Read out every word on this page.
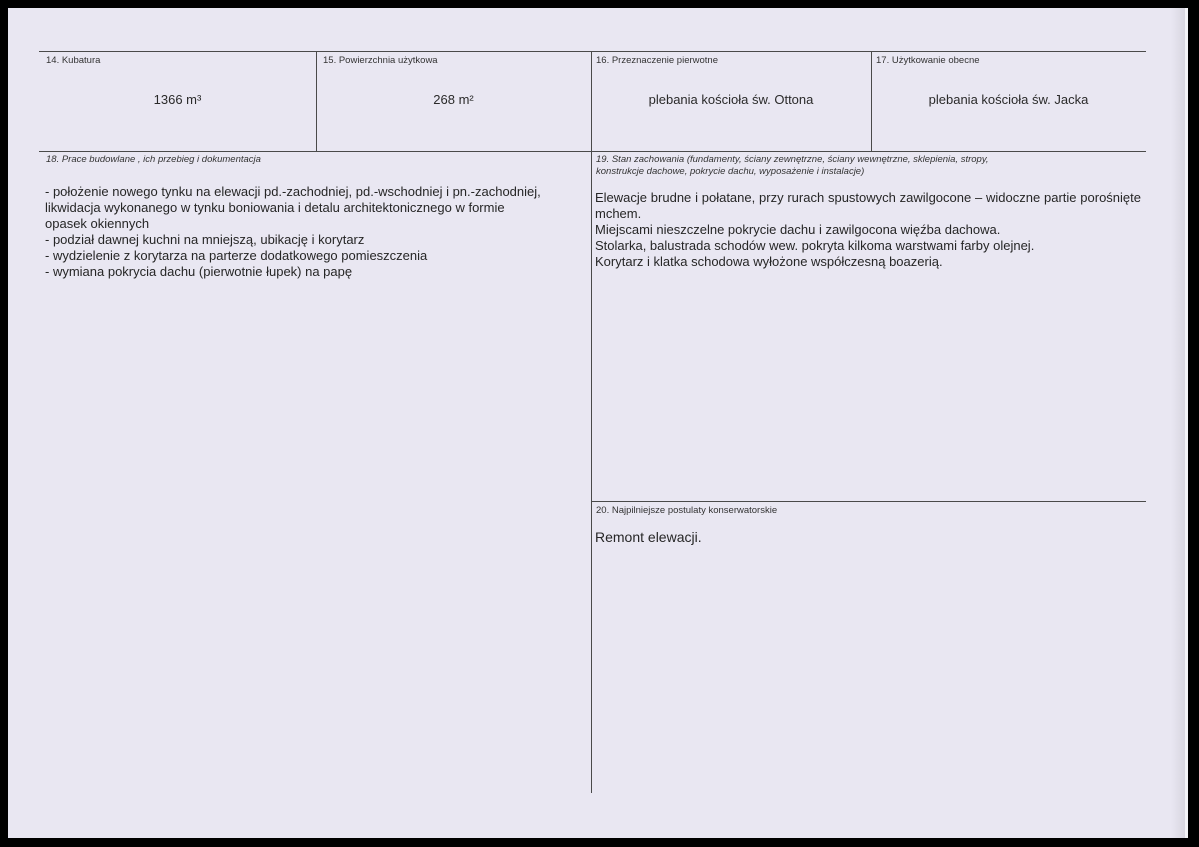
14. Kubatura
1366 m³
15. Powierzchnia użytkowa
268 m²
16. Przeznaczenie pierwotne
plebania kościoła św. Ottona
17. Użytkowanie obecne
plebania kościoła św. Jacka
18. Prace budowlane , ich przebieg i dokumentacja
- położenie nowego tynku na elewacji pd.-zachodniej, pd.-wschodniej i pn.-zachodniej,
likwidacja wykonanego w tynku boniowania i detalu architektonicznego w formie
opasek okiennych
- podział dawnej kuchni na mniejszą, ubikację i korytarz
- wydzielenie z korytarza na parterze dodatkowego pomieszczenia
- wymiana pokrycia dachu (pierwotnie łupek) na papę
19. Stan zachowania (fundamenty, ściany zewnętrzne, ściany wewnętrzne, sklepienia, stropy,
konstrukcje dachowe, pokrycie dachu, wyposażenie i instalacje)
Elewacje brudne i połatane, przy rurach spustowych zawilgocone – widoczne partie porośnięte mchem.
Miejscami nieszczelne pokrycie dachu i zawilgocona więźba dachowa.
Stolarka, balustrada schodów wew. pokryta kilkoma warstwami farby olejnej.
Korytarz i klatka schodowa wyłożone współczesną boazerią.
20. Najpilniejsze postulaty konserwatorskie
Remont elewacji.
